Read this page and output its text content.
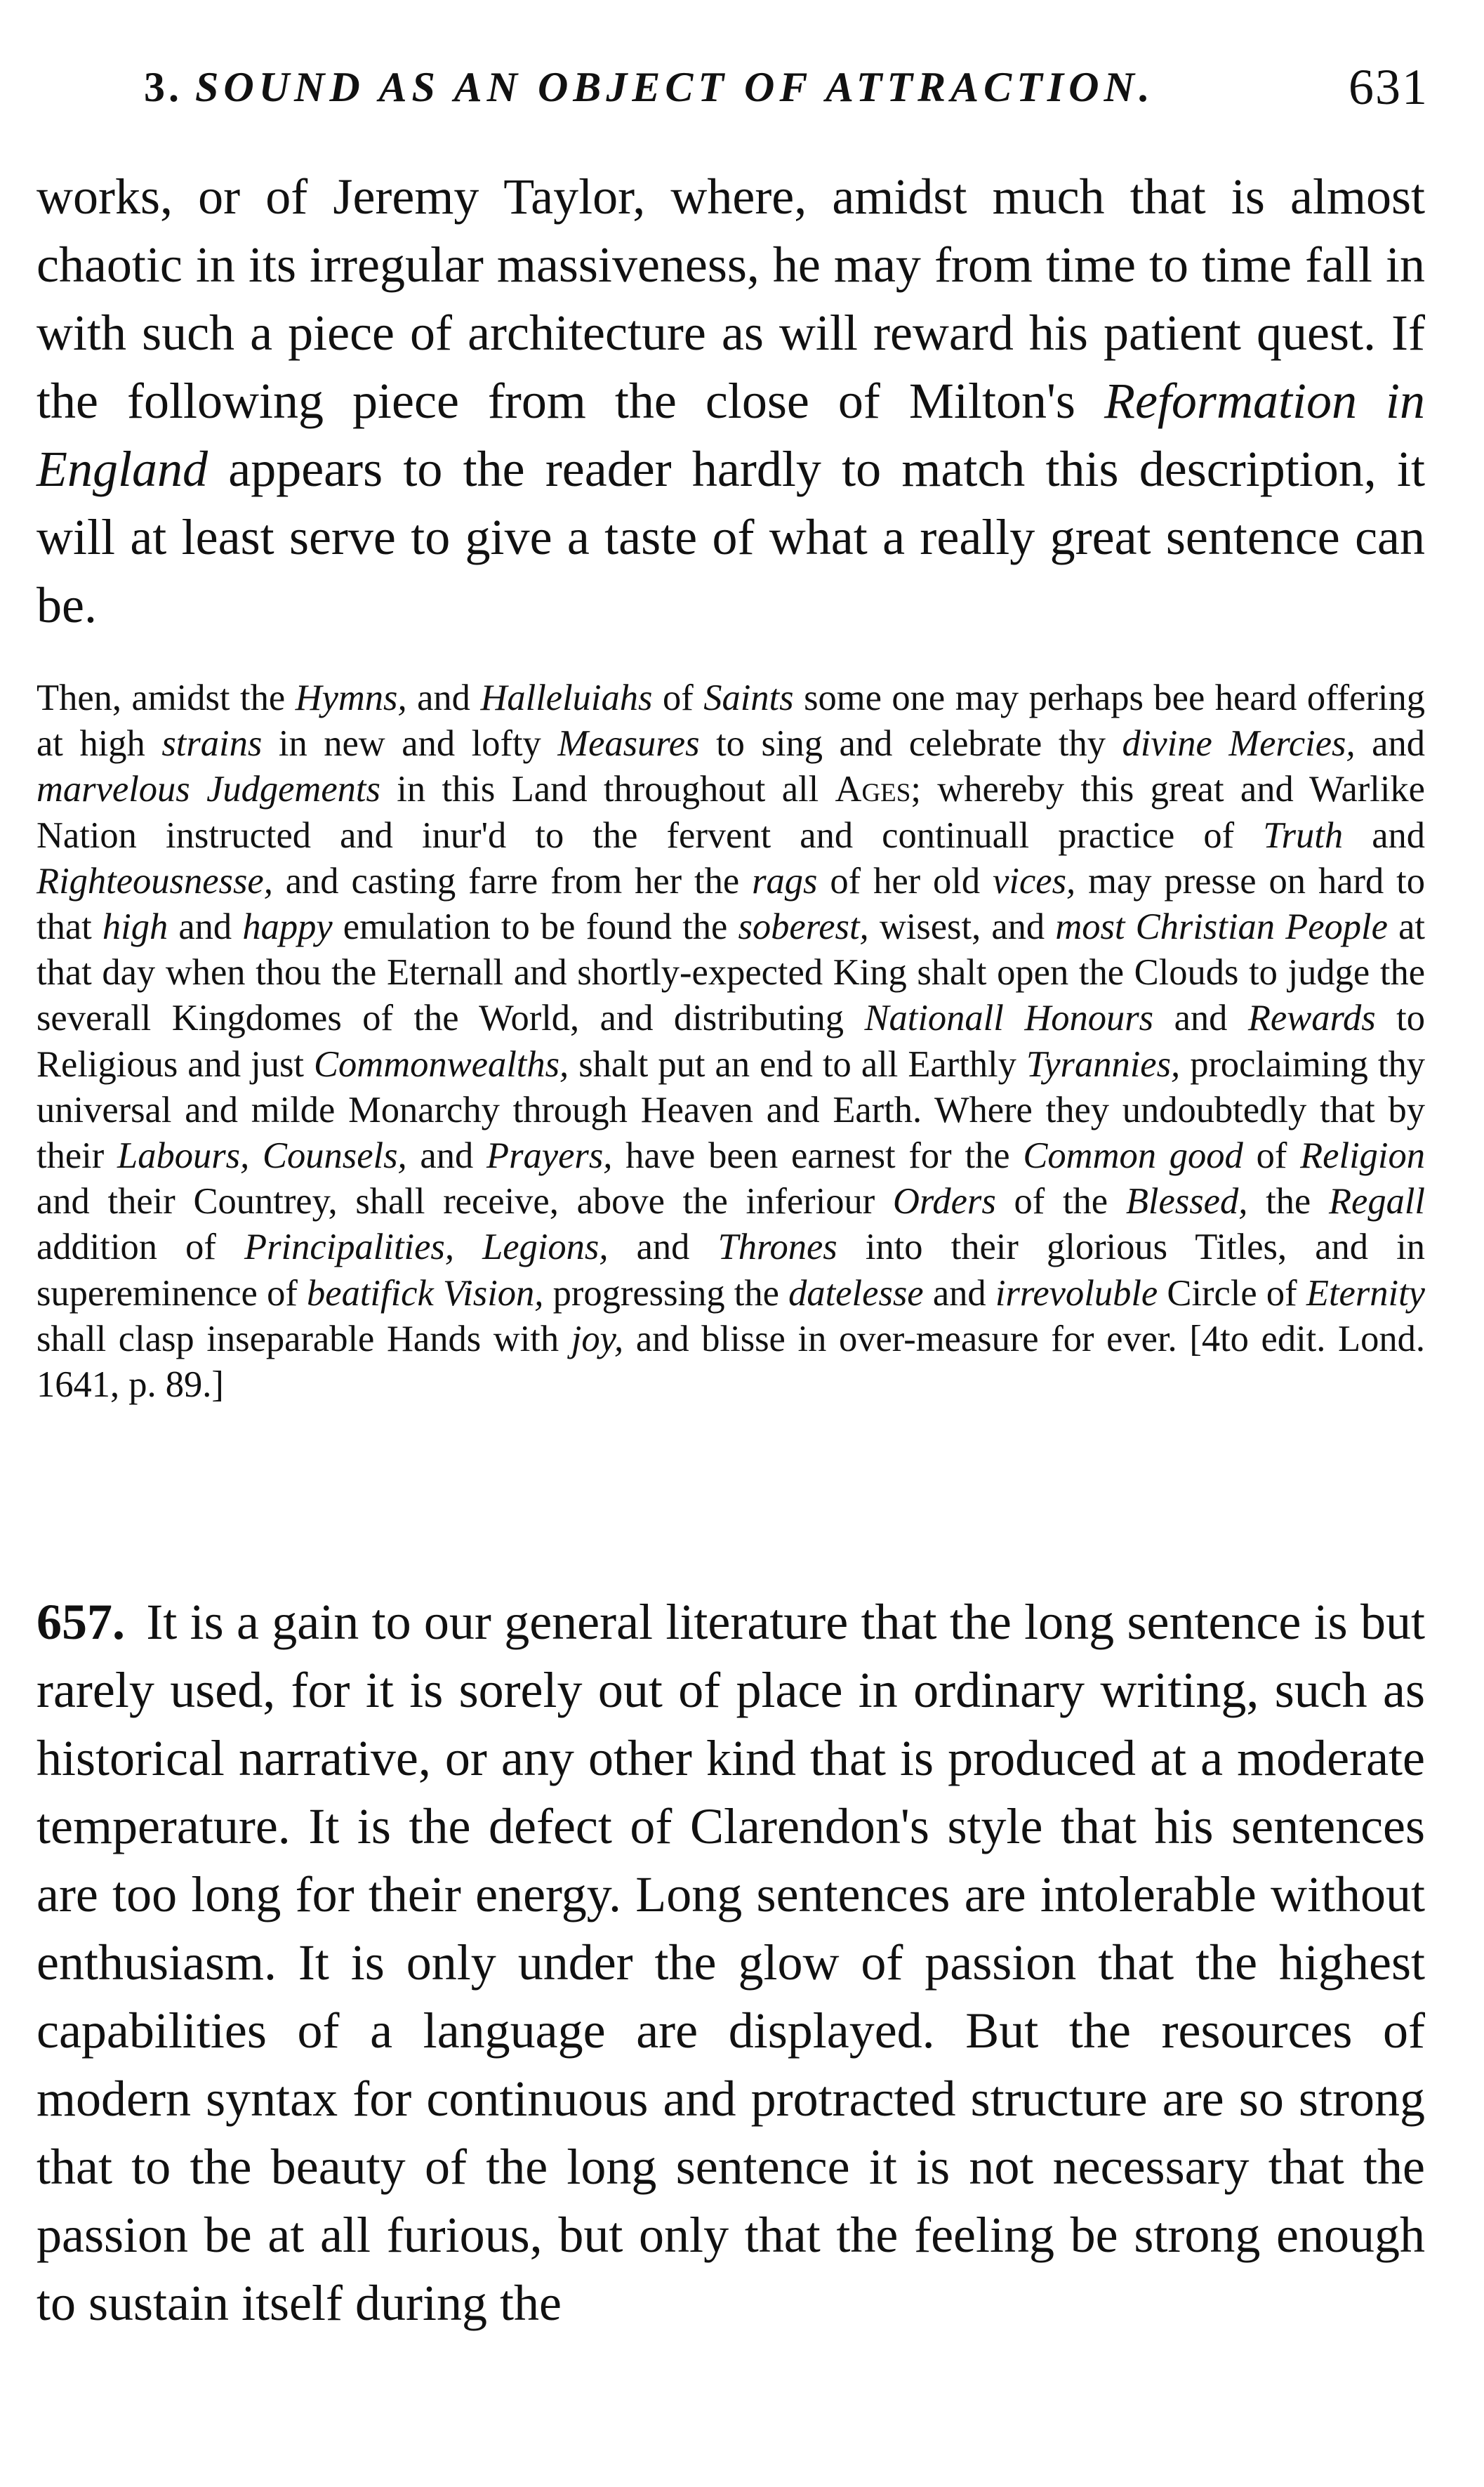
3. SOUND AS AN OBJECT OF ATTRACTION.	631

works, or of Jeremy Taylor, where, amidst much that is almost chaotic in its irregular massiveness, he may from time to time fall in with such a piece of architecture as will reward his patient quest. If the following piece from the close of Milton's Reformation in England appears to the reader hardly to match this description, it will at least serve to give a taste of what a really great sentence can be.

Then, amidst the Hymns, and Halleluiahs of Saints some one may perhaps bee heard offering at high strains in new and lofty Measures to sing and celebrate thy divine Mercies, and marvelous Judgements in this Land throughout all Ages; whereby this great and Warlike Nation instructed and inur'd to the fervent and continuall practice of Truth and Righteousnesse, and casting farre from her the rags of her old vices, may presse on hard to that high and happy emulation to be found the soberest, wisest, and most Christian People at that day when thou the Eternall and shortly-expected King shalt open the Clouds to judge the severall Kingdomes of the World, and distributing Nationall Honours and Rewards to Religious and just Commonwealths, shalt put an end to all Earthly Tyrannies, proclaiming thy universal and milde Monarchy through Heaven and Earth. Where they undoubtedly that by their Labours, Counsels, and Prayers, have been earnest for the Common good of Religion and their Countrey, shall receive, above the inferiour Orders of the Blessed, the Regall addition of Principalities, Legions, and Thrones into their glorious Titles, and in supereminence of beatifick Vision, progressing the datelesse and irrevoluble Circle of Eternity shall clasp inseparable Hands with joy, and blisse in over-measure for ever. [4to edit. Lond. 1641, p. 89.]

657. It is a gain to our general literature that the long sentence is but rarely used, for it is sorely out of place in ordinary writing, such as historical narrative, or any other kind that is produced at a moderate temperature. It is the defect of Clarendon's style that his sentences are too long for their energy. Long sentences are intolerable without enthusiasm. It is only under the glow of passion that the highest capabilities of a language are displayed. But the resources of modern syntax for continuous and protracted structure are so strong that to the beauty of the long sentence it is not necessary that the passion be at all furious, but only that the feeling be strong enough to sustain itself during the
